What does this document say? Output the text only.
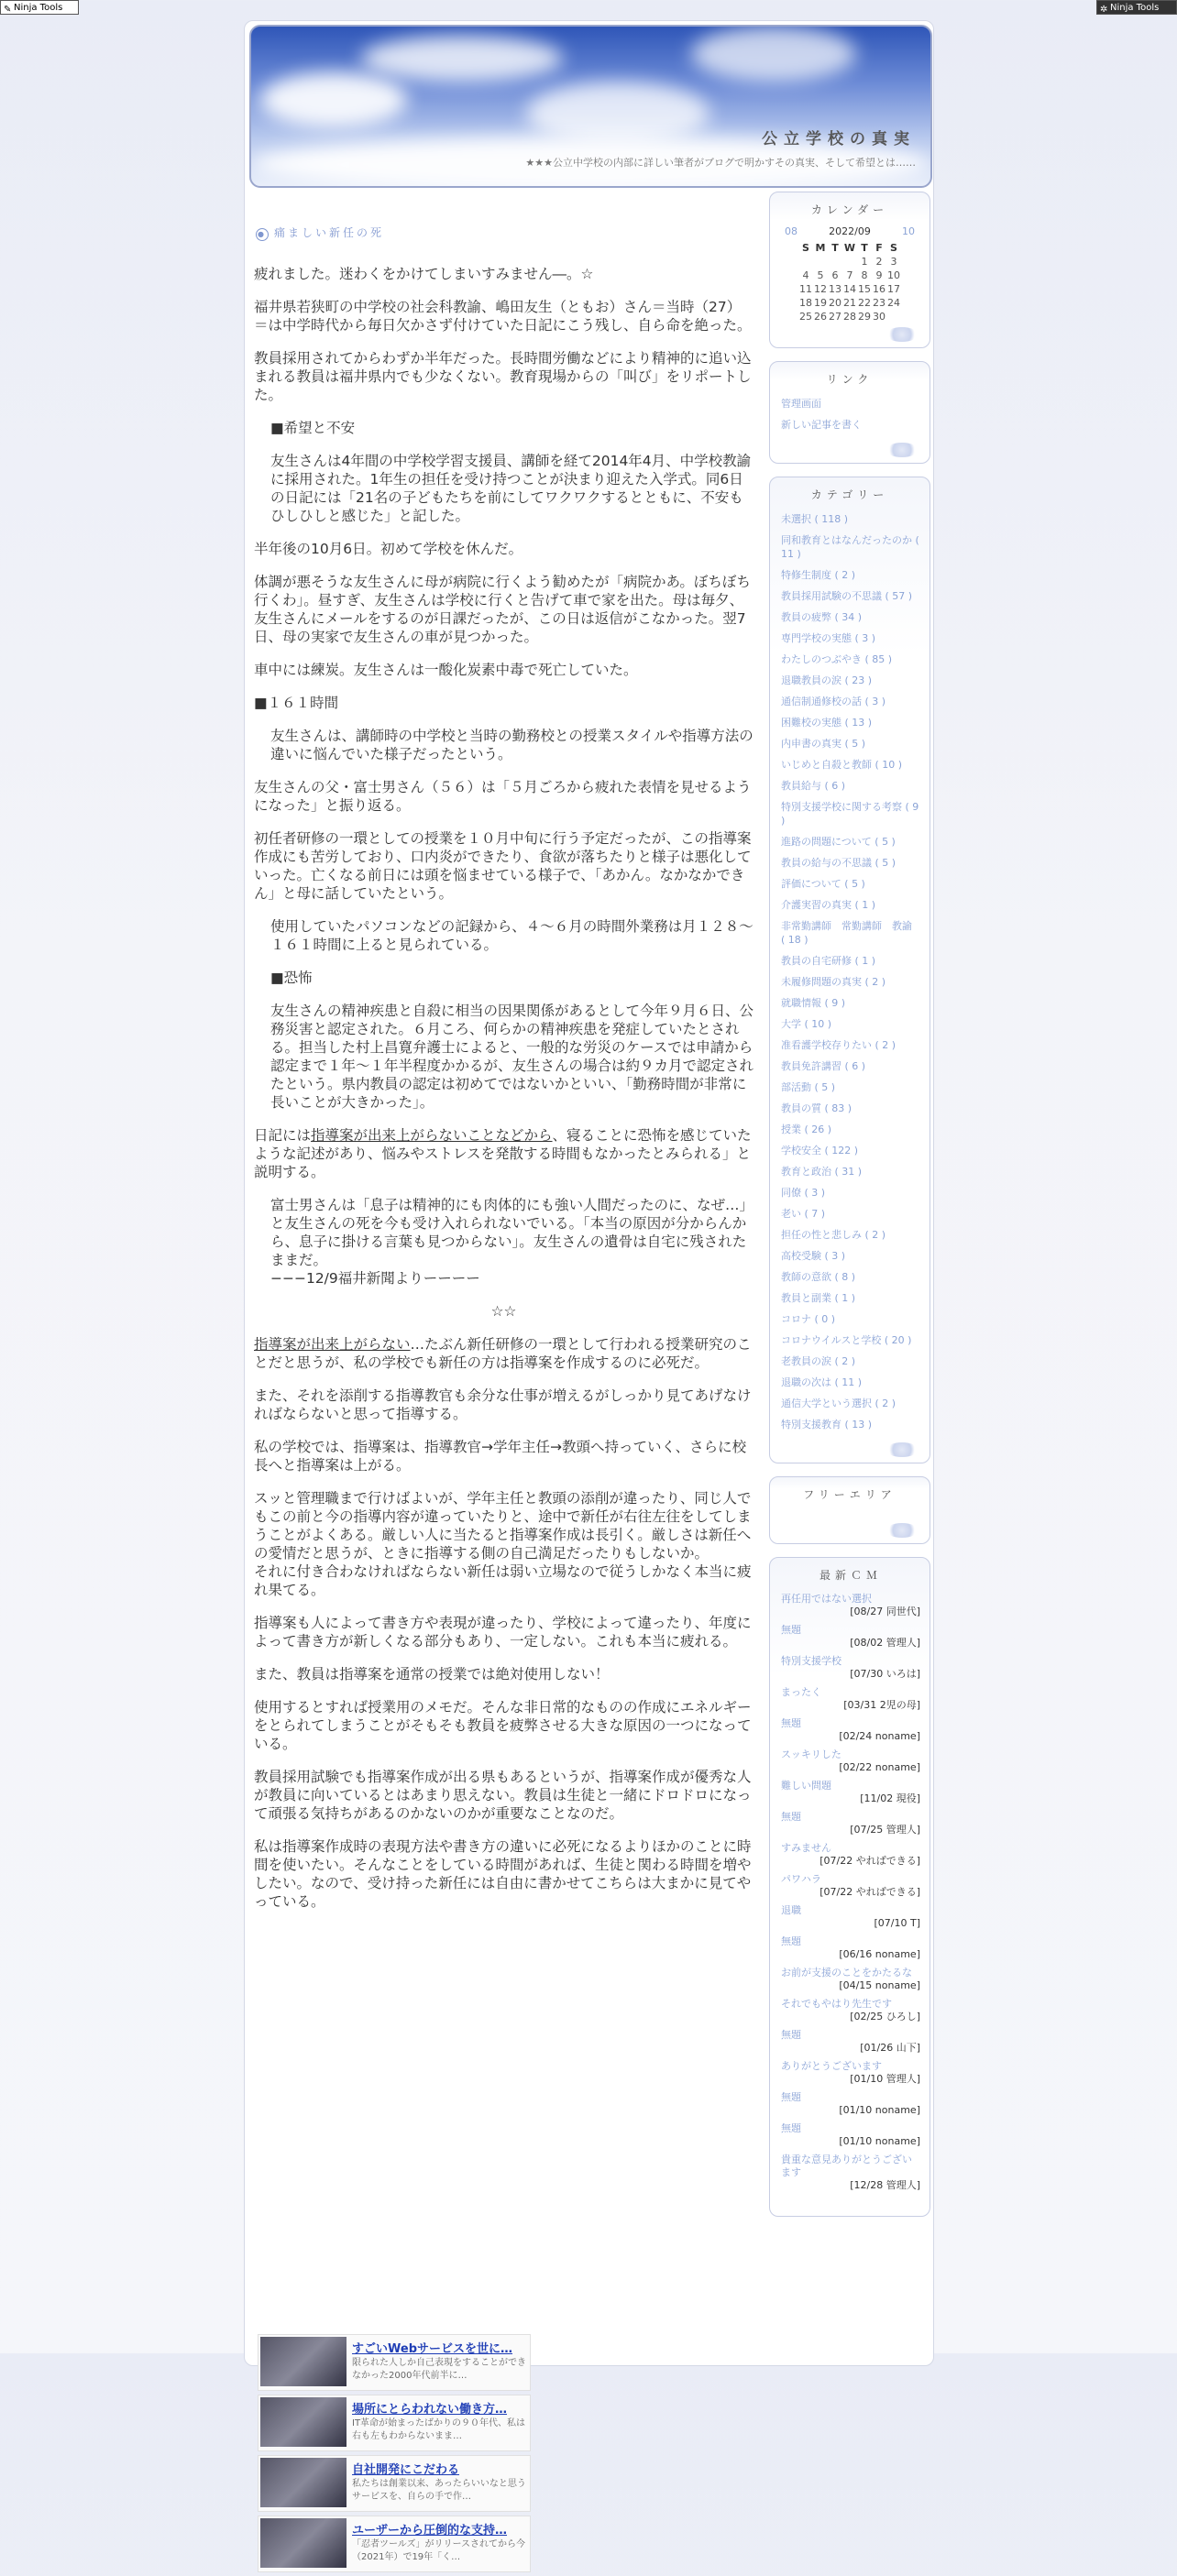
✎ Ninja Tools	✲ Ninja Tools
公立学校の真実
★★★公立中学校の内部に詳しい筆者がブログで明かすその真実、そして希望とは……
● 痛ましい新任の死

疲れました。迷わくをかけてしまいすみません―。☆

福井県若狭町の中学校の社会科教諭、嶋田友生（ともお）さん＝当時（27）＝は中学時代から毎日欠かさず付けていた日記にこう残し、自ら命を絶った。

教員採用されてからわずか半年だった。長時間労働などにより精神的に追い込まれる教員は福井県内でも少なくない。教育現場からの「叫び」をリポートした。

■希望と不安

友生さんは4年間の中学校学習支援員、講師を経て2014年4月、中学校教諭に採用された。1年生の担任を受け持つことが決まり迎えた入学式。同6日の日記には「21名の子どもたちを前にしてワクワクするとともに、不安もひしひしと感じた」と記した。

半年後の10月6日。初めて学校を休んだ。

体調が悪そうな友生さんに母が病院に行くよう勧めたが「病院かあ。ぼちぼち行くわ」。昼すぎ、友生さんは学校に行くと告げて車で家を出た。母は毎夕、友生さんにメールをするのが日課だったが、この日は返信がこなかった。翌7日、母の実家で友生さんの車が見つかった。

車中には練炭。友生さんは一酸化炭素中毒で死亡していた。

■１６１時間

友生さんは、講師時の中学校と当時の勤務校との授業スタイルや指導方法の違いに悩んでいた様子だったという。

友生さんの父・富士男さん（５６）は「５月ごろから疲れた表情を見せるようになった」と振り返る。

初任者研修の一環としての授業を１０月中旬に行う予定だったが、この指導案作成にも苦労しており、口内炎ができたり、食欲が落ちたりと様子は悪化していった。亡くなる前日には頭を悩ませている様子で、「あかん。なかなかできん」と母に話していたという。

使用していたパソコンなどの記録から、４～６月の時間外業務は月１２８～１６１時間に上ると見られている。

■恐怖

友生さんの精神疾患と自殺に相当の因果関係があるとして今年９月６日、公務災害と認定された。６月ころ、何らかの精神疾患を発症していたとされる。担当した村上昌寛弁護士によると、一般的な労災のケースでは申請から認定まで１年～１年半程度かかるが、友生さんの場合は約９カ月で認定されたという。県内教員の認定は初めてではないかといい、「勤務時間が非常に長いことが大きかった」。

日記には指導案が出来上がらないことなどから、寝ることに恐怖を感じていたような記述があり、悩みやストレスを発散する時間もなかったとみられる」と説明する。

富士男さんは「息子は精神的にも肉体的にも強い人間だったのに、なぜ…」と友生さんの死を今も受け入れられないでいる。「本当の原因が分からんから、息子に掛ける言葉も見つからない」。友生さんの遺骨は自宅に残されたままだ。
−−−12/9福井新聞よりーーーー

☆☆

指導案が出来上がらない…たぶん新任研修の一環として行われる授業研究のことだと思うが、私の学校でも新任の方は指導案を作成するのに必死だ。

また、それを添削する指導教官も余分な仕事が増えるがしっかり見てあげなければならないと思って指導する。

私の学校では、指導案は、指導教官→学年主任→教頭へ持っていく、さらに校長へと指導案は上がる。

スッと管理職まで行けばよいが、学年主任と教頭の添削が違ったり、同じ人でもこの前と今の指導内容が違っていたりと、途中で新任が右往左往をしてしまうことがよくある。厳しい人に当たると指導案作成は長引く。厳しさは新任への愛情だと思うが、ときに指導する側の自己満足だったりもしないか。
それに付き合わなければならない新任は弱い立場なので従うしかなく本当に疲れ果てる。

指導案も人によって書き方や表現が違ったり、学校によって違ったり、年度によって書き方が新しくなる部分もあり、一定しない。これも本当に疲れる。

また、教員は指導案を通常の授業では絶対使用しない！

使用するとすれば授業用のメモだ。そんな非日常的なものの作成にエネルギーをとられてしまうことがそもそも教員を疲弊させる大きな原因の一つになっている。

教員採用試験でも指導案作成が出る県もあるというが、指導案作成が優秀な人が教員に向いているとはあまり思えない。教員は生徒と一緒にドロドロになって頑張る気持ちがあるのかないのかが重要なことなのだ。

私は指導案作成時の表現方法や書き方の違いに必死になるよりほかのことに時間を使いたい。そんなことをしている時間があれば、生徒と関わる時間を増やしたい。なので、受け持った新任には自由に書かせてこちらは大まかに見てやっている。

すごいWebサービスを世に…
限られた人しか自己表現をすることができなかった2000年代前半に…
場所にとらわれない働き方…
IT革命が始まったばかりの９０年代、私は右も左もわからないまま…
自社開発にこだわる
私たちは創業以来、あったらいいなと思うサービスを、自らの手で作…
ユーザーから圧倒的な支持…
「忍者ツールズ」がリリースされてから今（2021年）で19年「く…
カレンダー
08	2022/09	10
S	M	T	W	T	F	S
				1	2	3
4	5	6	7	8	9	10
11	12	13	14	15	16	17
18	19	20	21	22	23	24
25	26	27	28	29	30	
リンク
管理画面
新しい記事を書く
カテゴリー
未選択 ( 118 )
同和教育とはなんだったのか ( 11 )
特修生制度 ( 2 )
教員採用試験の不思議 ( 57 )
教員の疲弊 ( 34 )
専門学校の実態 ( 3 )
わたしのつぶやき ( 85 )
退職教員の涙 ( 23 )
通信制通修校の話 ( 3 )
困難校の実態 ( 13 )
内申書の真実 ( 5 )
いじめと自殺と教師 ( 10 )
教員給与 ( 6 )
特別支援学校に関する考察 ( 9 )
進路の問題について ( 5 )
教員の給与の不思議 ( 5 )
評価について ( 5 )
介護実習の真実 ( 1 )
非常勤講師　常勤講師　教諭　( 18 )
教員の自宅研修 ( 1 )
未履修問題の真実 ( 2 )
就職情報 ( 9 )
大学 ( 10 )
准看護学校存りたい ( 2 )
教員免許講習 ( 6 )
部活動 ( 5 )
教員の質 ( 83 )
授業 ( 26 )
学校安全 ( 122 )
教育と政治 ( 31 )
同僚 ( 3 )
老い ( 7 )
担任の性と悲しみ ( 2 )
高校受験 ( 3 )
教師の意欲 ( 8 )
教員と副業 ( 1 )
コロナ ( 0 )
コロナウイルスと学校 ( 20 )
老教員の涙 ( 2 )
退職の次は ( 11 )
通信大学という選択 ( 2 )
特別支援教育 ( 13 )
フリーエリア
最新ＣＭ
再任用ではない選択
[08/27 同世代]
無題
[08/02 管理人]
特別支援学校
[07/30 いろは]
まったく
[03/31 2児の母]
無題
[02/24 noname]
スッキリした
[02/22 noname]
難しい問題
[11/02 現役]
無題
[07/25 管理人]
すみません
[07/22 やればできる]
パワハラ
[07/22 やればできる]
退職
[07/10 T]
無題
[06/16 noname]
お前が支援のことをかたるな
[04/15 noname]
それでもやはり先生です
[02/25 ひろし]
無題
[01/26 山下]
ありがとうございます
[01/10 管理人]
無題
[01/10 noname]
無題
[01/10 noname]
貴重な意見ありがとうございます
[12/28 管理人]
